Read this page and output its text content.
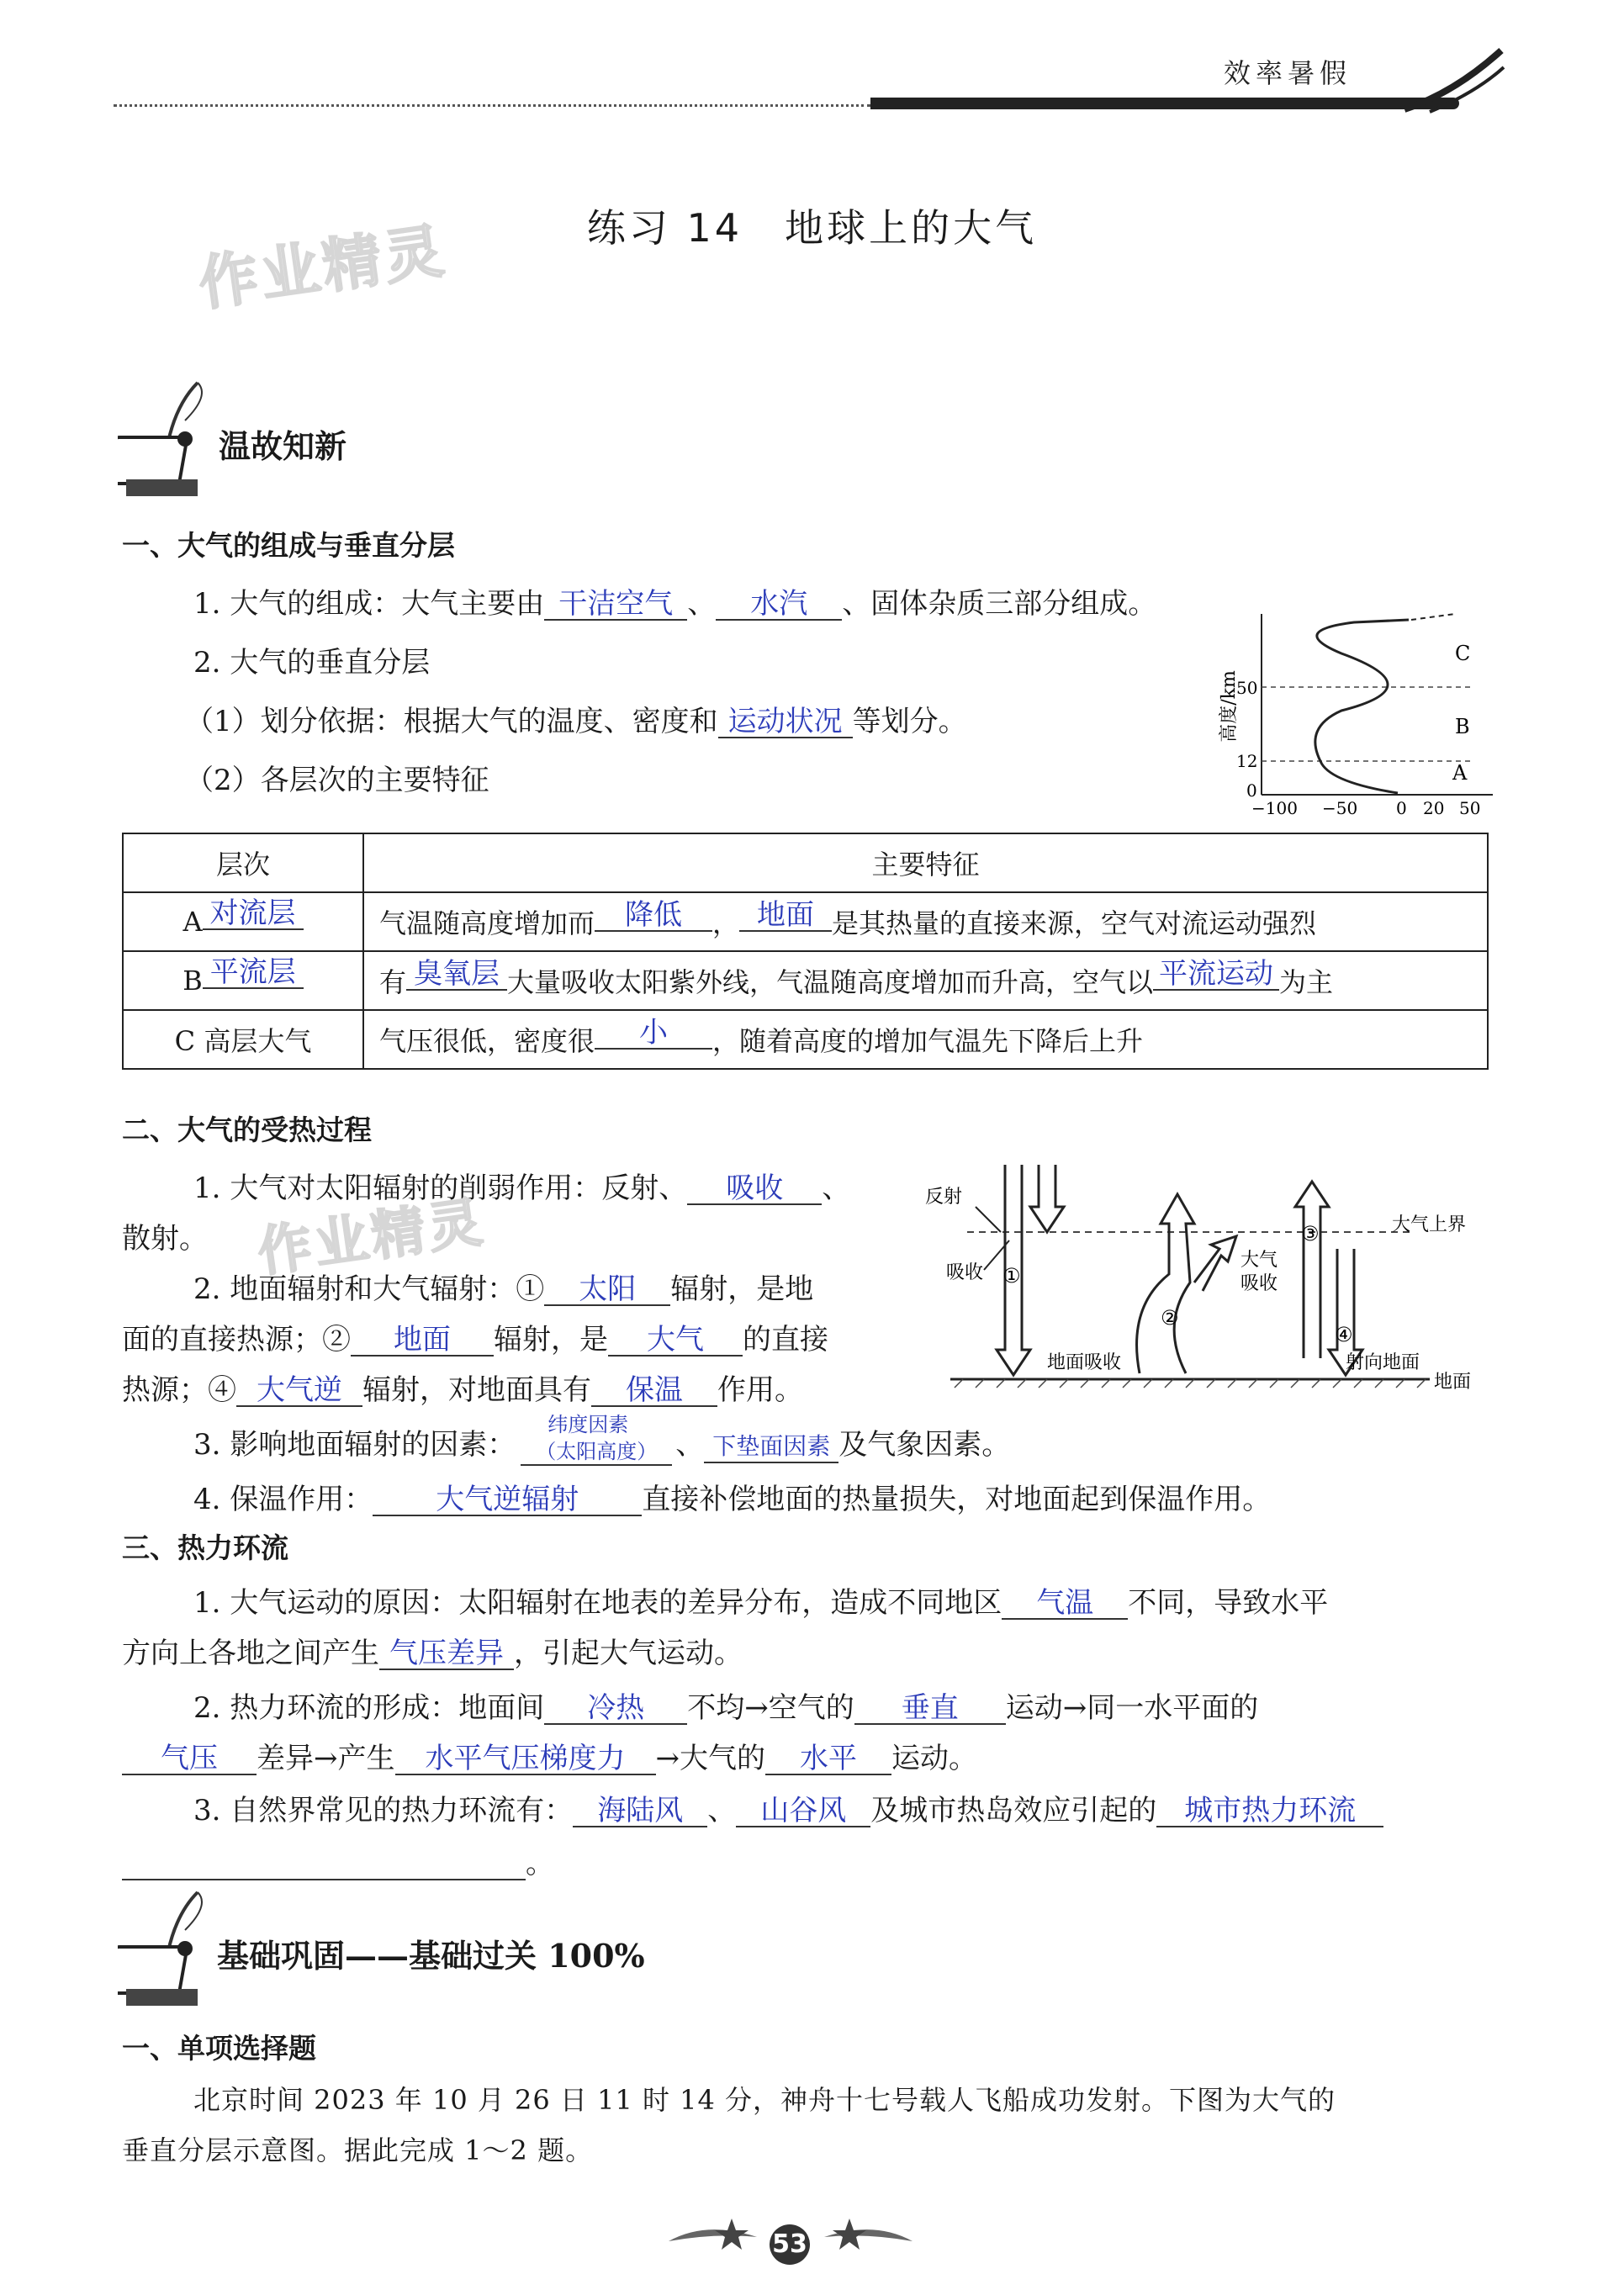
效率暑假
练习 14　地球上的大气
作业精灵
温故知新
一、大气的组成与垂直分层
1. 大气的组成：大气主要由 干洁空气 、 水汽 、固体杂质三部分组成。
2. 大气的垂直分层
（1）划分依据：根据大气的温度、密度和 运动状况 等划分。
（2）各层次的主要特征
高度/km
50
12
0
−100 −50 0 20 50
C
B
A
层次	主要特征
A 对流层	气温随高度增加而 降低 ， 地面 是其热量的直接来源，空气对流运动强烈
B 平流层	有 臭氧层 大量吸收太阳紫外线，气温随高度增加而升高，空气以 平流运动 为主
C 高层大气	气压很低，密度很 小 ，随着高度的增加气温先下降后上升
二、大气的受热过程
1. 大气对太阳辐射的削弱作用：反射、 吸收 、
散射。 作业精灵
2. 地面辐射和大气辐射：① 太阳 辐射，是地
面的直接热源；② 地面 辐射，是 大气 的直接
热源；④ 大气逆 辐射，对地面具有 保温 作用。
3. 影响地面辐射的因素：
纬度因素
（太阳高度） 、 下垫面因素 及气象因素。
4. 保温作用： 大气逆辐射 直接补偿地面的热量损失，对地面起到保温作用。
反射
吸收
大气上界
大气
吸收
地面吸收	射向地面
地面
①
②
③
④
三、热力环流
1. 大气运动的原因：太阳辐射在地表的差异分布，造成不同地区 气温 不同，导致水平
方向上各地之间产生 气压差异 ，引起大气运动。
2. 热力环流的形成：地面间 冷热 不均→空气的 垂直 运动→同一水平面的
气压 差异→产生 水平气压梯度力 →大气的 水平 运动。
3. 自然界常见的热力环流有： 海陆风 、 山谷风 及城市热岛效应引起的 城市热力环流
。
基础巩固——基础过关 100%
一、单项选择题
北京时间 2023 年 10 月 26 日 11 时 14 分，神舟十七号载人飞船成功发射。下图为大气的
垂直分层示意图。据此完成 1～2 题。
53
